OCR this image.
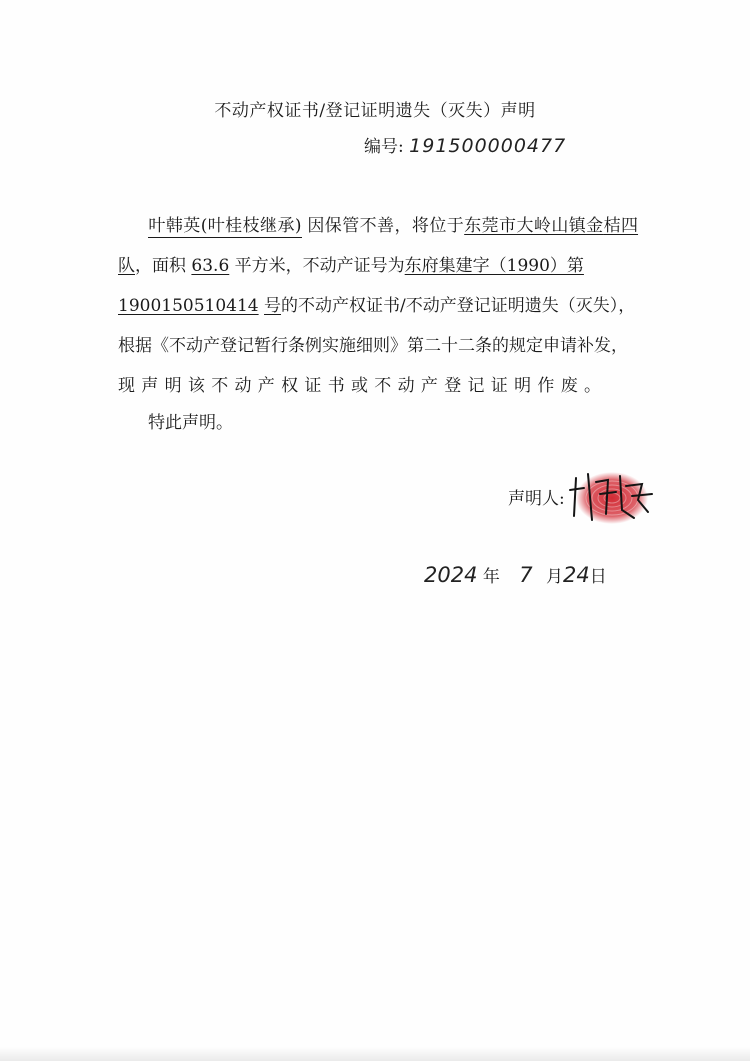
不动产权证书/登记证明遗失（灭失）声明
编号: 191500000477
叶韩英(叶桂枝继承) 因保管不善，将位于东莞市大岭山镇金桔四队，面积 63.6 平方米，不动产证号为东府集建字（1990）第
1900150510414 号的不动产权证书/不动产登记证明遗失（灭失），
根据《不动产登记暂行条例实施细则》第二十二条的规定申请补发，
现声明该不动产权证书或不动产登记证明作废。
特此声明。
声明人:
2024 年 7 月24日
